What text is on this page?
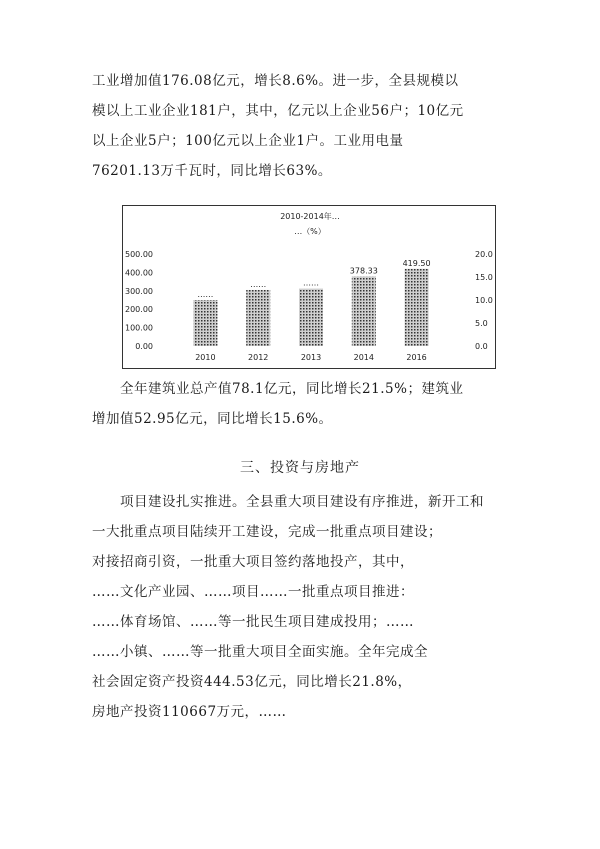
工业增加值176.08亿元，增长8.6%。进一步，全县规模以

模以上工业企业181户，其中，亿元以上企业56户；10亿元

以上企业5户；100亿元以上企业1户。工业用电量

76201.13万千瓦时，同比增长63%。

2010-2014年…
…（%）
0.00
100.00
200.00
300.00
400.00
500.00
0.0
5.0
10.0
15.0
20.0
……
2010
……
2012
……
2013
378.33
2014
419.50
2016

全年建筑业总产值78.1亿元，同比增长21.5%；建筑业

增加值52.95亿元，同比增长15.6%。

三、投资与房地产

项目建设扎实推进。全县重大项目建设有序推进，新开工和

一大批重点项目陆续开工建设，完成一批重点项目建设；

对接招商引资，一批重大项目签约落地投产，其中，

……文化产业园、……项目……一批重点项目推进：

……体育场馆、……等一批民生项目建成投用；……

……小镇、……等一批重大项目全面实施。全年完成全

社会固定资产投资444.53亿元，同比增长21.8%，

房地产投资110667万元，……
